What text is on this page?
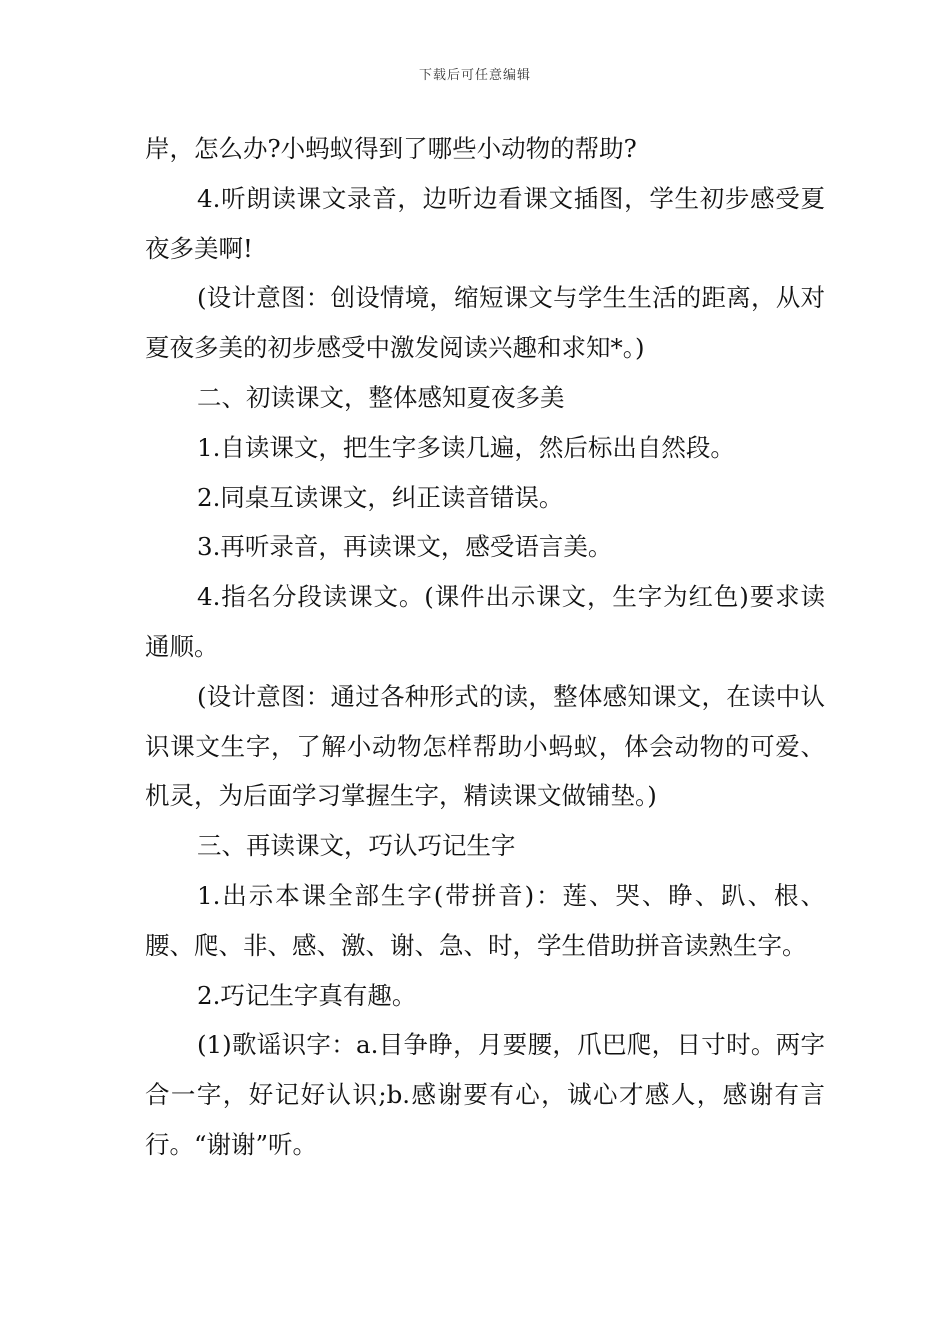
下载后可任意编辑

岸，怎么办?小蚂蚁得到了哪些小动物的帮助?

4.听朗读课文录音，边听边看课文插图，学生初步感受夏夜多美啊!

(设计意图：创设情境，缩短课文与学生生活的距离，从对夏夜多美的初步感受中激发阅读兴趣和求知*。)

二、初读课文，整体感知夏夜多美

1.自读课文，把生字多读几遍，然后标出自然段。

2.同桌互读课文，纠正读音错误。

3.再听录音，再读课文，感受语言美。

4.指名分段读课文。(课件出示课文，生字为红色)要求读通顺。

(设计意图：通过各种形式的读，整体感知课文，在读中认识课文生字，了解小动物怎样帮助小蚂蚁，体会动物的可爱、机灵，为后面学习掌握生字，精读课文做铺垫。)

三、再读课文，巧认巧记生字

1.出示本课全部生字(带拼音)：莲、哭、睁、趴、根、腰、爬、非、感、激、谢、急、时，学生借助拼音读熟生字。

2.巧记生字真有趣。

(1)歌谣识字：a.目争睁，月要腰，爪巴爬，日寸时。两字合一字，好记好认识;b.感谢要有心，诚心才感人，感谢有言行。“谢谢”听。
